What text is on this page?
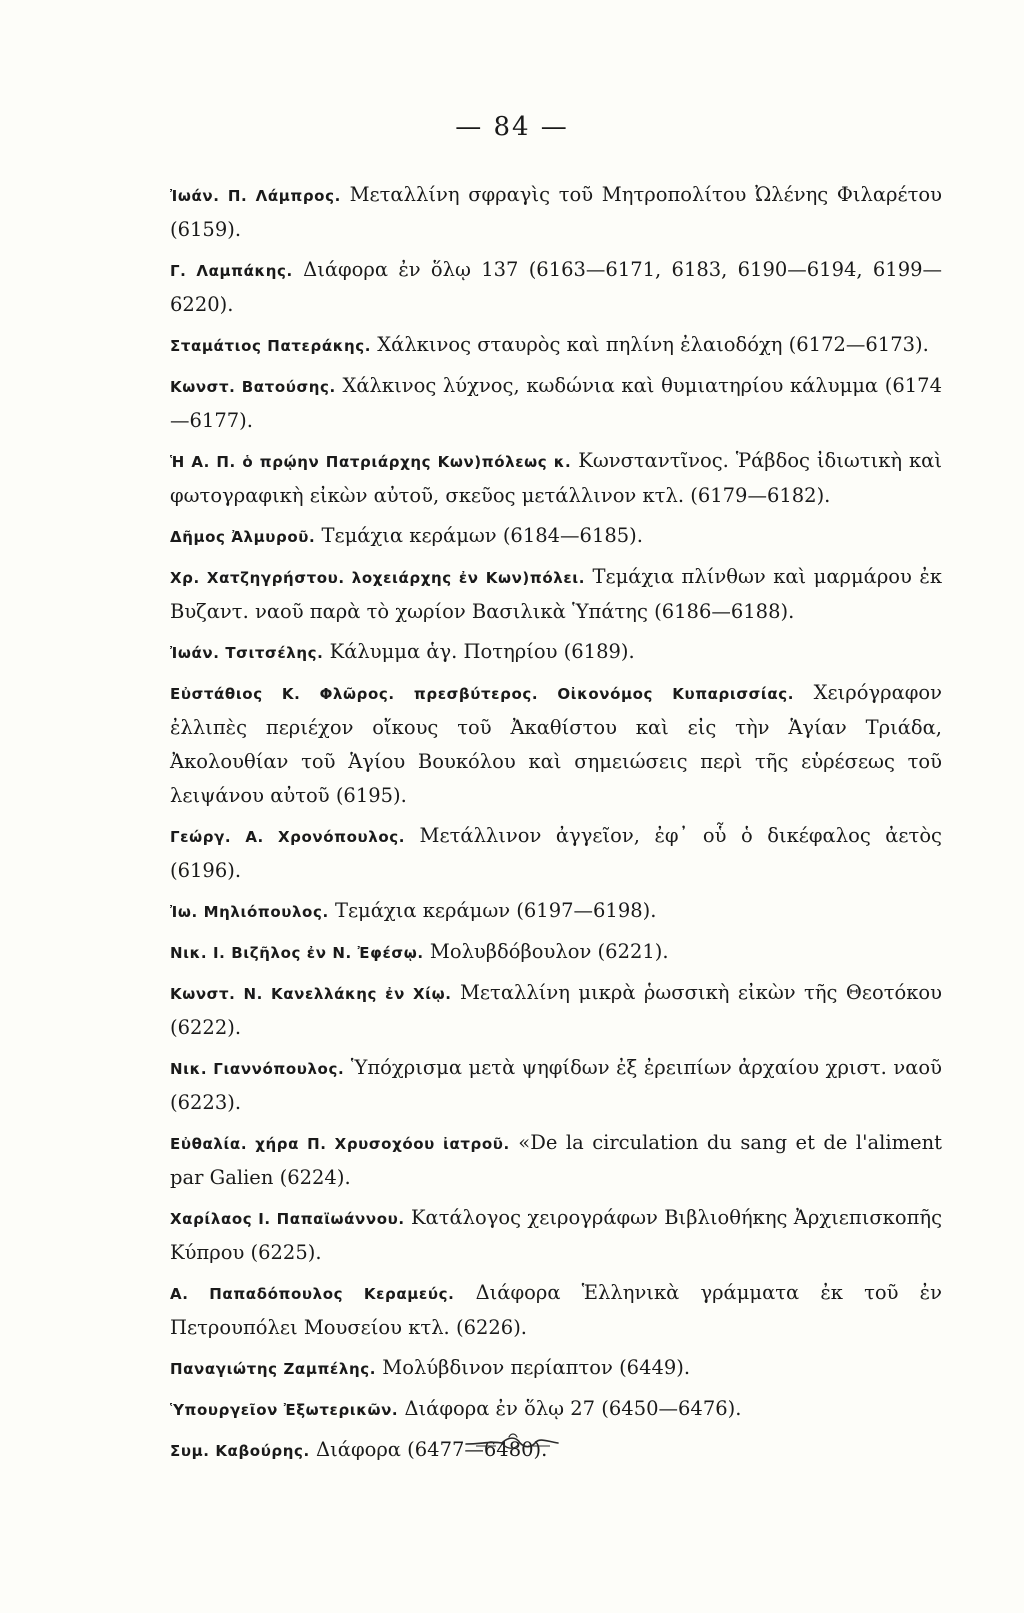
— 84 —

Ἰωάν. Π. Λάμπρος. Μεταλλίνη σφραγὶς τοῦ Μητροπολίτου Ὠλένης Φιλαρέτου (6159).

Γ. Λαμπάκης. Διάφορα ἐν ὅλῳ 137 (6163—6171, 6183, 6190—6194, 6199—6220).

Σταμάτιος Πατεράκης. Χάλκινος σταυρὸς καὶ πηλίνη ἐλαιοδόχη (6172—6173).

Κωνστ. Βατούσης. Χάλκινος λύχνος, κωδώνια καὶ θυμιατηρίου κάλυμμα (6174—6177).

Ἡ Α. Π. ὁ πρῴην Πατριάρχης Κων)πόλεως κ. Κωνσταντῖνος. Ῥάβδος ἰδιωτικὴ καὶ φωτογραφικὴ εἰκὼν αὐτοῦ, σκεῦος μετάλλινον κτλ. (6179—6182).

Δῆμος Ἀλμυροῦ. Τεμάχια κεράμων (6184—6185).

Χρ. Χατζηγρήστου. λοχειάρχης ἐν Κων)πόλει. Τεμάχια πλίνθων καὶ μαρμάρου ἐκ Βυζαντ. ναοῦ παρὰ τὸ χωρίον Βασιλικὰ Ὑπάτης (6186—6188).

Ἰωάν. Τσιτσέλης. Κάλυμμα ἁγ. Ποτηρίου (6189).

Εὐστάθιος Κ. Φλῶρος. πρεσβύτερος. Οἰκονόμος Κυπαρισσίας. Χειρόγραφον ἐλλιπὲς περιέχον οἴκους τοῦ Ἀκαθίστου καὶ εἰς τὴν Ἁγίαν Τριάδα, Ἀκολουθίαν τοῦ Ἁγίου Βουκόλου καὶ σημειώσεις περὶ τῆς εὑρέσεως τοῦ λειψάνου αὐτοῦ (6195).

Γεώργ. Α. Χρονόπουλος. Μετάλλινον ἀγγεῖον, ἐφ᾽ οὗ ὁ δικέφαλος ἀετὸς (6196).

Ἰω. Μηλιόπουλος. Τεμάχια κεράμων (6197—6198).

Νικ. Ι. Βιζῆλος ἐν Ν. Ἐφέσῳ. Μολυβδόβουλον (6221).

Κωνστ. Ν. Κανελλάκης ἐν Χίῳ. Μεταλλίνη μικρὰ ῥωσσικὴ εἰκὼν τῆς Θεοτόκου (6222).

Νικ. Γιαννόπουλος. Ὑπόχρισμα μετὰ ψηφίδων ἐξ ἐρειπίων ἀρχαίου χριστ. ναοῦ (6223).

Εὐθαλία. χήρα Π. Χρυσοχόου ἰατροῦ. «De la circulation du sang et de l'aliment par Galien (6224).

Χαρίλαος Ι. Παπαϊωάννου. Κατάλογος χειρογράφων Βιβλιοθήκης Ἀρχιεπισκοπῆς Κύπρου (6225).

Α. Παπαδόπουλος Κεραμεύς. Διάφορα Ἑλληνικὰ γράμματα ἐκ τοῦ ἐν Πετρουπόλει Μουσείου κτλ. (6226).

Παναγιώτης Ζαμπέλης. Μολύβδινον περίαπτον (6449).

Ὑπουργεῖον Ἐξωτερικῶν. Διάφορα ἐν ὅλῳ 27 (6450—6476).

Συμ. Καβούρης. Διάφορα (6477—6480).
